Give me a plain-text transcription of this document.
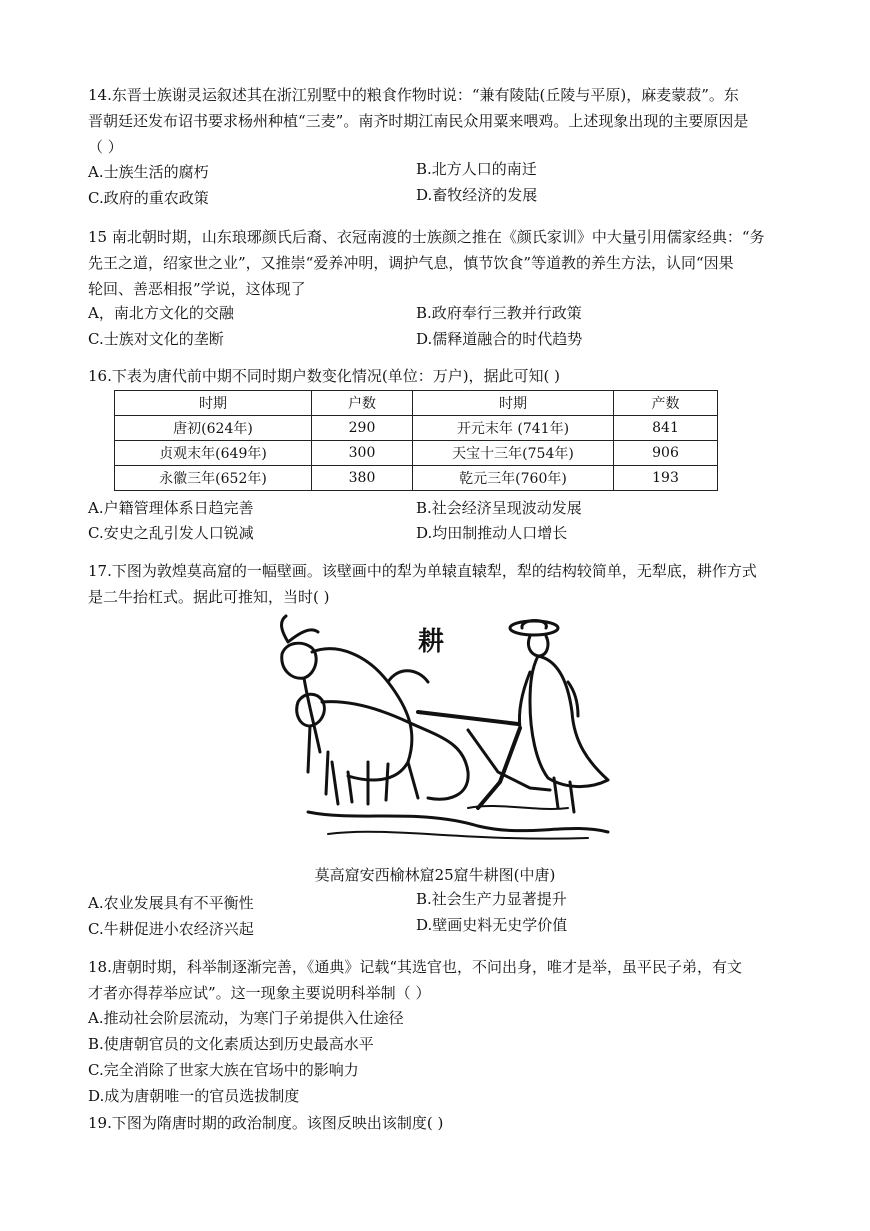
14.东晋士族谢灵运叙述其在浙江别墅中的粮食作物时说：“兼有陵陆(丘陵与平原)，麻麦蒙菽”。东
晋朝廷还发布诏书要求杨州种植“三麦”。南齐时期江南民众用粟来喂鸡。上述现象出现的主要原因是
（ ）
A.士族生活的腐朽	B.北方人口的南迁
C.政府的重农政策	D.畜牧经济的发展
15 南北朝时期，山东琅琊颜氏后裔、衣冠南渡的士族颜之推在《颜氏家训》中大量引用儒家经典：“务
先王之道，绍家世之业”，又推崇“爱养冲明，调护气息，慎节饮食”等道教的养生方法，认同“因果
轮回、善恶相报”学说，这体现了
A，南北方文化的交融	B.政府奉行三教并行政策
C.士族对文化的垄断	D.儒释道融合的时代趋势
16.下表为唐代前中期不同时期户数变化情况(单位：万户)，据此可知( )
时期	户数	时期	产数
唐初(624年)	290	开元末年 (741年)	841
贞观末年(649年)	300	天宝十三年(754年)	906
永徽三年(652年)	380	乾元三年(760年)	193
A.户籍管理体系日趋完善	B.社会经济呈现波动发展
C.安史之乱引发人口锐减	D.均田制推动人口增长
17.下图为敦煌莫高窟的一幅壁画。该壁画中的犁为单辕直辕犁，犁的结构较简单，无犁底，耕作方式
是二牛抬杠式。据此可推知，当时( )
耕
莫高窟安西榆林窟25窟牛耕图(中唐)
A.农业发展具有不平衡性	B.社会生产力显著提升
C.牛耕促进小农经济兴起	D.壁画史料无史学价值
18.唐朝时期，科举制逐渐完善，《通典》记载“其选官也，不问出身，唯才是举，虽平民子弟，有文
才者亦得荐举应试”。这一现象主要说明科举制（ ）
A.推动社会阶层流动，为寒门子弟提供入仕途径
B.使唐朝官员的文化素质达到历史最高水平
C.完全消除了世家大族在官场中的影响力
D.成为唐朝唯一的官员选拔制度
19.下图为隋唐时期的政治制度。该图反映出该制度( )
